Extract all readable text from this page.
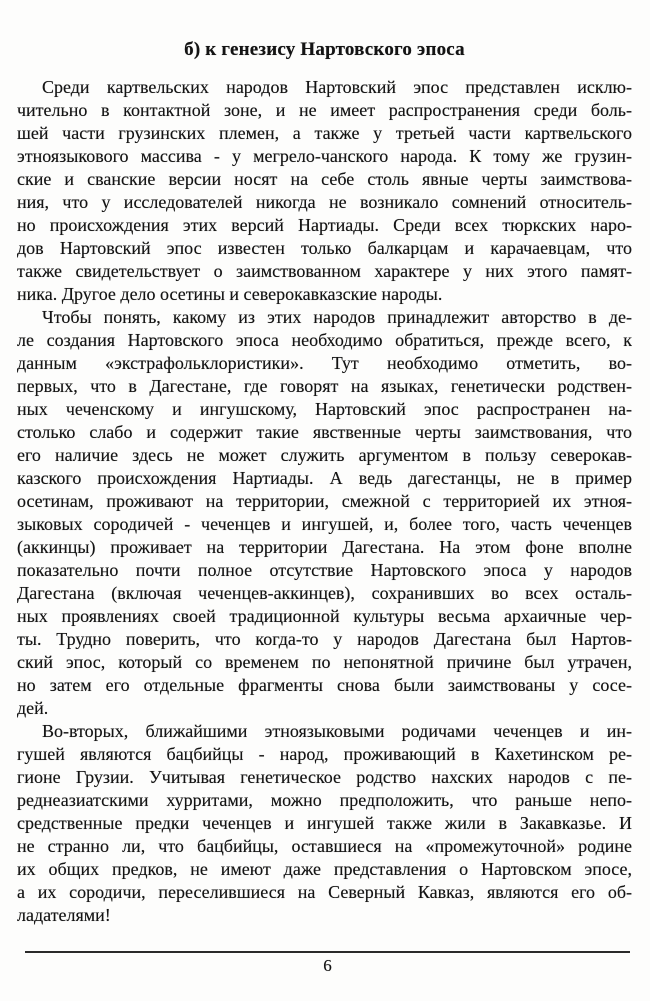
б) к генезису Нартовского эпоса
Среди картвельских народов Нартовский эпос представлен исклю-
чительно в контактной зоне, и не имеет распространения среди боль-
шей части грузинских племен, а также у третьей части картвельского
этноязыкового массива - у мегрело-чанского народа. К тому же грузин-
ские и сванские версии носят на себе столь явные черты заимствова-
ния, что у исследователей никогда не возникало сомнений относитель-
но происхождения этих версий Нартиады. Среди всех тюркских наро-
дов Нартовский эпос известен только балкарцам и карачаевцам, что
также свидетельствует о заимствованном характере у них этого памят-
ника. Другое дело осетины и северокавказские народы.
Чтобы понять, какому из этих народов принадлежит авторство в де-
ле создания Нартовского эпоса необходимо обратиться, прежде всего, к
данным «экстрафольклористики». Тут необходимо отметить, во-
первых, что в Дагестане, где говорят на языках, генетически родствен-
ных чеченскому и ингушскому, Нартовский эпос распространен на-
столько слабо и содержит такие явственные черты заимствования, что
его наличие здесь не может служить аргументом в пользу северокав-
казского происхождения Нартиады. А ведь дагестанцы, не в пример
осетинам, проживают на территории, смежной с территорией их этноя-
зыковых сородичей - чеченцев и ингушей, и, более того, часть чеченцев
(аккинцы) проживает на территории Дагестана. На этом фоне вполне
показательно почти полное отсутствие Нартовского эпоса у народов
Дагестана (включая чеченцев-аккинцев), сохранивших во всех осталь-
ных проявлениях своей традиционной культуры весьма архаичные чер-
ты. Трудно поверить, что когда-то у народов Дагестана был Нартов-
ский эпос, который со временем по непонятной причине был утрачен,
но затем его отдельные фрагменты снова были заимствованы у сосе-
дей.
Во-вторых, ближайшими этноязыковыми родичами чеченцев и ин-
гушей являются бацбийцы - народ, проживающий в Кахетинском ре-
гионе Грузии. Учитывая генетическое родство нахских народов с пе-
реднеазиатскими хурритами, можно предположить, что раньше непо-
средственные предки чеченцев и ингушей также жили в Закавказье. И
не странно ли, что бацбийцы, оставшиеся на «промежуточной» родине
их общих предков, не имеют даже представления о Нартовском эпосе,
а их сородичи, переселившиеся на Северный Кавказ, являются его об-
ладателями!
6
